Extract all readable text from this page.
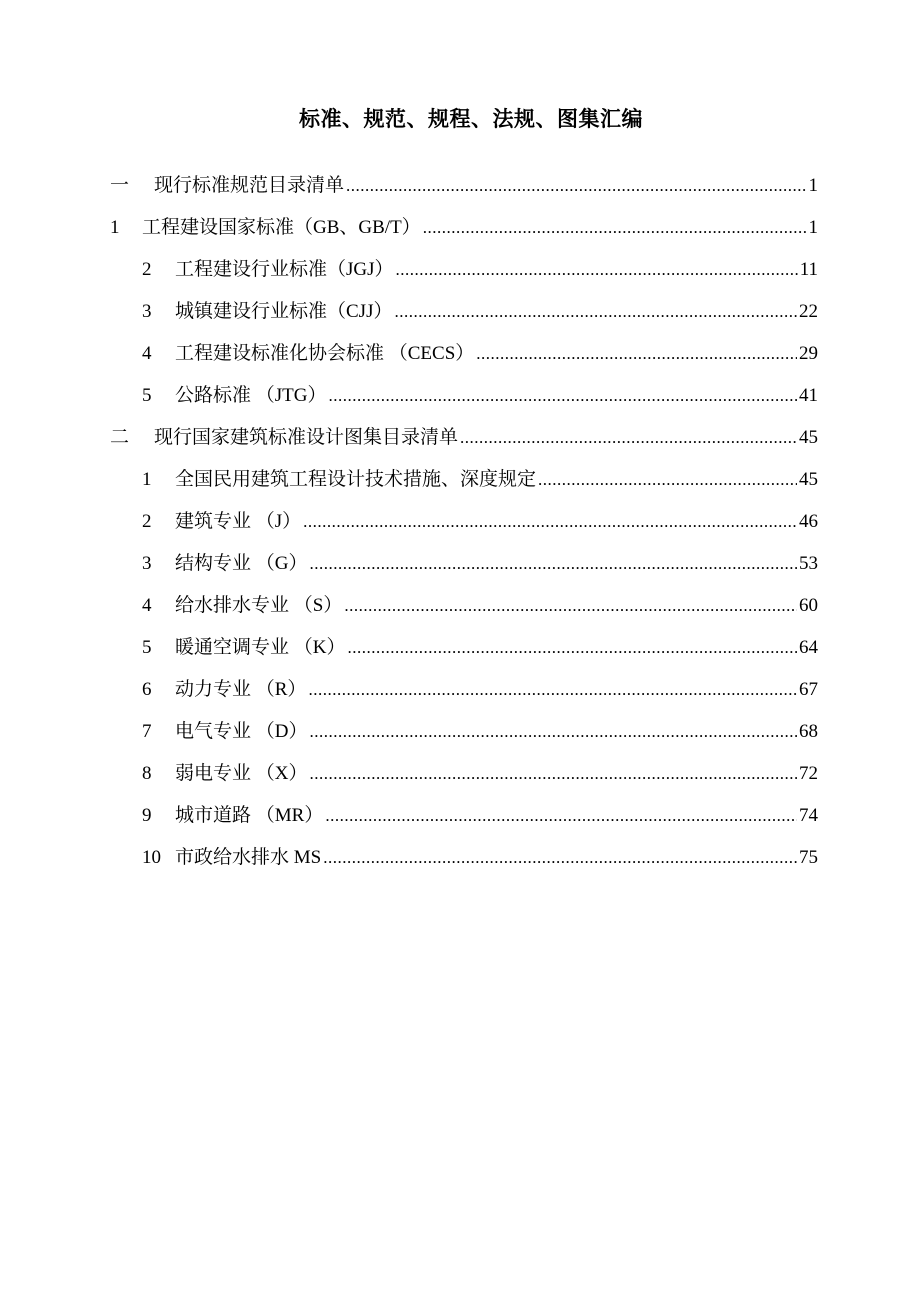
标准、规范、规程、法规、图集汇编
一	现行标准规范目录清单 .....	1
1	工程建设国家标准（GB、GB/T） .....	1
2	工程建设行业标准（JGJ） .....	11
3	城镇建设行业标准（CJJ） .....	22
4	工程建设标准化协会标准 （CECS） .....	29
5	公路标准 （JTG） .....	41
二	现行国家建筑标准设计图集目录清单 .....	45
1	全国民用建筑工程设计技术措施、深度规定 .....	45
2	建筑专业 （J） .....	46
3	结构专业 （G） .....	53
4	给水排水专业 （S） .....	60
5	暖通空调专业 （K） .....	64
6	动力专业 （R） .....	67
7	电气专业 （D） .....	68
8	弱电专业 （X） .....	72
9	城市道路 （MR） .....	74
10 市政给水排水 MS .....	75
